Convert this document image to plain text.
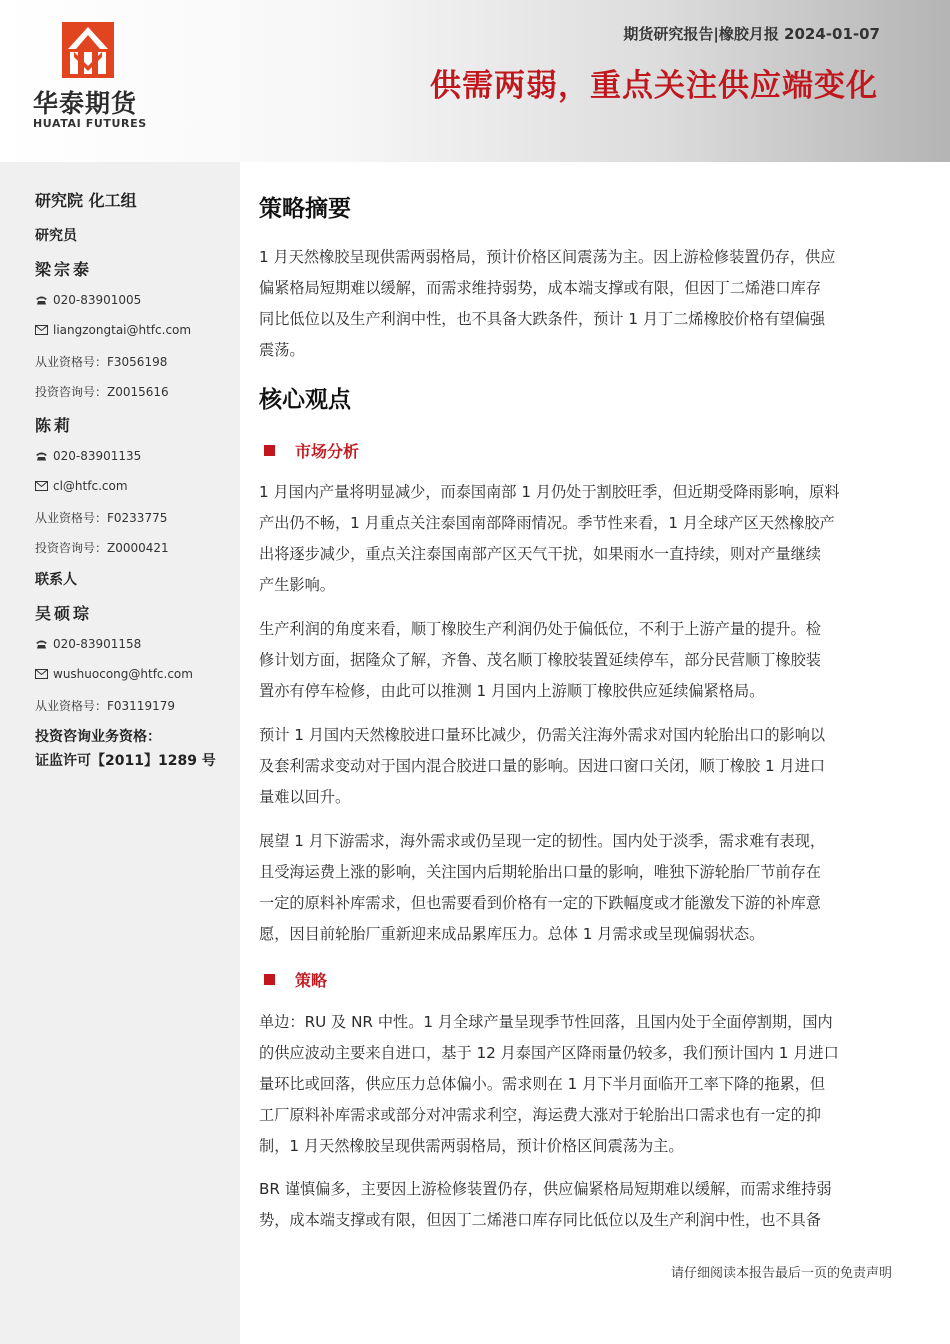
华泰期货
HUATAI FUTURES
期货研究报告|橡胶月报 2024-01-07
供需两弱，重点关注供应端变化
研究院 化工组
研究员
梁宗泰
020-83901005
liangzongtai@htfc.com
从业资格号：F3056198
投资咨询号：Z0015616
陈莉
020-83901135
cl@htfc.com
从业资格号：F0233775
投资咨询号：Z0000421
联系人
吴硕琮
020-83901158
wushuocong@htfc.com
从业资格号：F03119179
投资咨询业务资格：
证监许可【2011】1289 号
策略摘要
1 月天然橡胶呈现供需两弱格局，预计价格区间震荡为主。因上游检修装置仍存，供应
偏紧格局短期难以缓解，而需求维持弱势，成本端支撑或有限，但因丁二烯港口库存
同比低位以及生产利润中性，也不具备大跌条件，预计 1 月丁二烯橡胶价格有望偏强
震荡。
核心观点
市场分析
1 月国内产量将明显减少，而泰国南部 1 月仍处于割胶旺季，但近期受降雨影响，原料
产出仍不畅，1 月重点关注泰国南部降雨情况。季节性来看，1 月全球产区天然橡胶产
出将逐步减少，重点关注泰国南部产区天气干扰，如果雨水一直持续，则对产量继续
产生影响。
生产利润的角度来看，顺丁橡胶生产利润仍处于偏低位，不利于上游产量的提升。检
修计划方面，据隆众了解，齐鲁、茂名顺丁橡胶装置延续停车，部分民营顺丁橡胶装
置亦有停车检修，由此可以推测 1 月国内上游顺丁橡胶供应延续偏紧格局。
预计 1 月国内天然橡胶进口量环比减少，仍需关注海外需求对国内轮胎出口的影响以
及套利需求变动对于国内混合胶进口量的影响。因进口窗口关闭，顺丁橡胶 1 月进口
量难以回升。
展望 1 月下游需求，海外需求或仍呈现一定的韧性。国内处于淡季，需求难有表现，
且受海运费上涨的影响，关注国内后期轮胎出口量的影响，唯独下游轮胎厂节前存在
一定的原料补库需求，但也需要看到价格有一定的下跌幅度或才能激发下游的补库意
愿，因目前轮胎厂重新迎来成品累库压力。总体 1 月需求或呈现偏弱状态。
策略
单边：RU 及 NR 中性。1 月全球产量呈现季节性回落，且国内处于全面停割期，国内
的供应波动主要来自进口，基于 12 月泰国产区降雨量仍较多，我们预计国内 1 月进口
量环比或回落，供应压力总体偏小。需求则在 1 月下半月面临开工率下降的拖累，但
工厂原料补库需求或部分对冲需求利空，海运费大涨对于轮胎出口需求也有一定的抑
制，1 月天然橡胶呈现供需两弱格局，预计价格区间震荡为主。
BR 谨慎偏多，主要因上游检修装置仍存，供应偏紧格局短期难以缓解，而需求维持弱
势，成本端支撑或有限，但因丁二烯港口库存同比低位以及生产利润中性，也不具备
请仔细阅读本报告最后一页的免责声明
